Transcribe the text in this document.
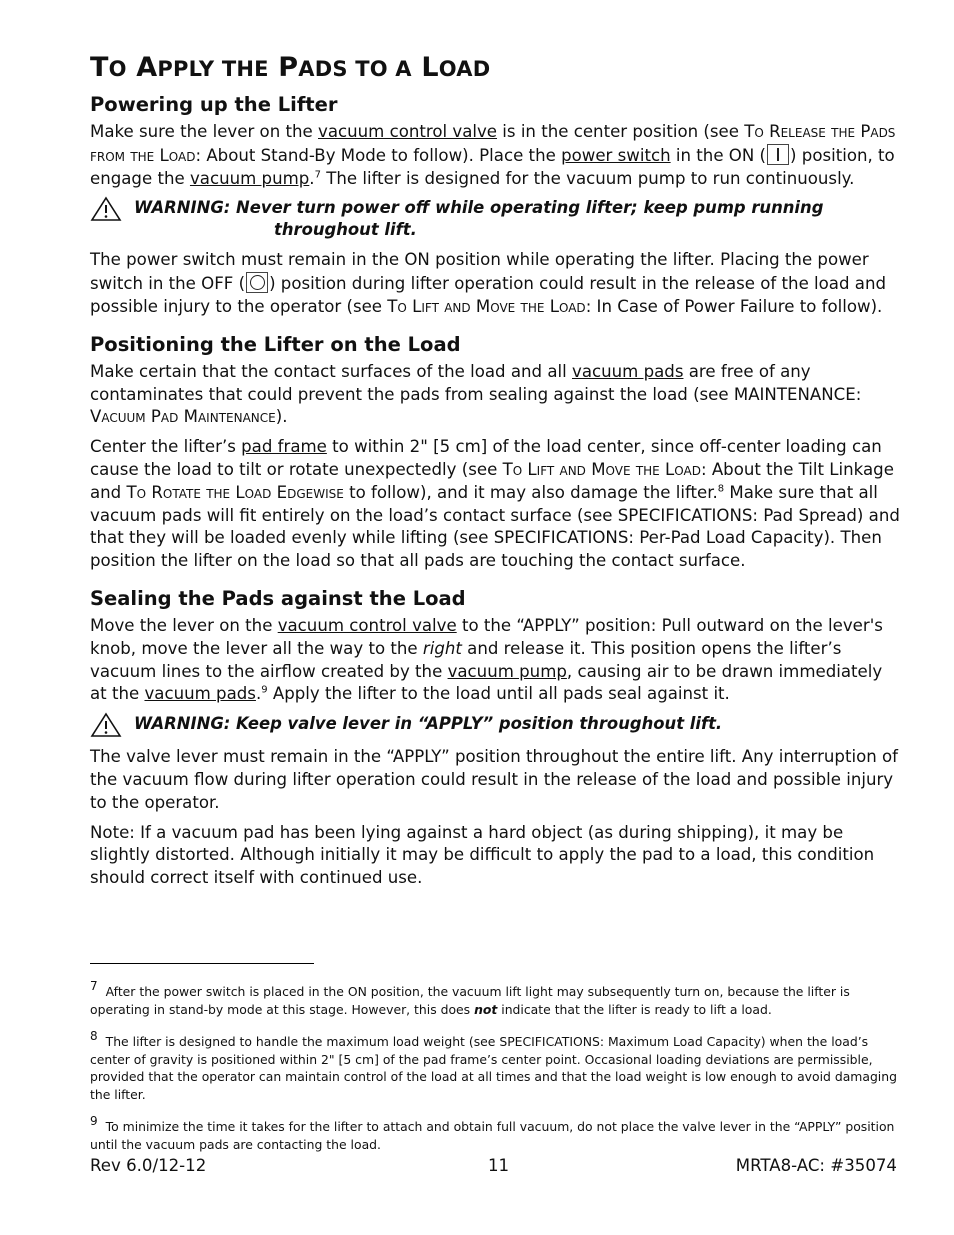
TO APPLY THE PADS TO A LOAD
Powering up the Lifter

Make sure the lever on the vacuum control valve is in the center position (see To Release the Pads from the Load: About Stand-By Mode to follow). Place the power switch in the ON ( ) position, to engage the vacuum pump.$^7$ The lifter is designed for the vacuum pump to run continuously.

WARNING: Never turn power off while operating lifter; keep pump running
throughout lift.

The power switch must remain in the ON position while operating the lifter. Placing the power switch in the OFF ( ) position during lifter operation could result in the release of the load and possible injury to the operator (see To Lift and Move the Load: In Case of Power Failure to follow).

Positioning the Lifter on the Load

Make certain that the contact surfaces of the load and all vacuum pads are free of any contaminates that could prevent the pads from sealing against the load (see MAINTENANCE: Vacuum Pad Maintenance).

Center the lifter’s pad frame to within 2" [5 cm] of the load center, since off-center loading can cause the load to tilt or rotate unexpectedly (see To Lift and Move the Load: About the Tilt Linkage and To Rotate the Load Edgewise to follow), and it may also damage the lifter.$^8$ Make sure that all vacuum pads will fit entirely on the load’s contact surface (see SPECIFICATIONS: Pad Spread) and that they will be loaded evenly while lifting (see SPECIFICATIONS: Per-Pad Load Capacity). Then position the lifter on the load so that all pads are touching the contact surface.

Sealing the Pads against the Load

Move the lever on the vacuum control valve to the “APPLY” position: Pull outward on the lever's knob, move the lever all the way to the right and release it. This position opens the lifter’s vacuum lines to the airflow created by the vacuum pump, causing air to be drawn immediately at the vacuum pads.$^9$ Apply the lifter to the load until all pads seal against it.

WARNING: Keep valve lever in “APPLY” position throughout lift.

The valve lever must remain in the “APPLY” position throughout the entire lift. Any interruption of the vacuum flow during lifter operation could result in the release of the load and possible injury to the operator.

Note: If a vacuum pad has been lying against a hard object (as during shipping), it may be slightly distorted. Although initially it may be difficult to apply the pad to a load, this condition should correct itself with continued use.

7 After the power switch is placed in the ON position, the vacuum lift light may subsequently turn on, because the lifter is operating in stand-by mode at this stage. However, this does not indicate that the lifter is ready to lift a load.

8 The lifter is designed to handle the maximum load weight (see SPECIFICATIONS: Maximum Load Capacity) when the load’s center of gravity is positioned within 2" [5 cm] of the pad frame’s center point. Occasional loading deviations are permissible, provided that the operator can maintain control of the load at all times and that the load weight is low enough to avoid damaging the lifter.

9 To minimize the time it takes for the lifter to attach and obtain full vacuum, do not place the valve lever in the “APPLY” position until the vacuum pads are contacting the load.

Rev 6.0/12-12	11	MRTA8-AC: #35074
